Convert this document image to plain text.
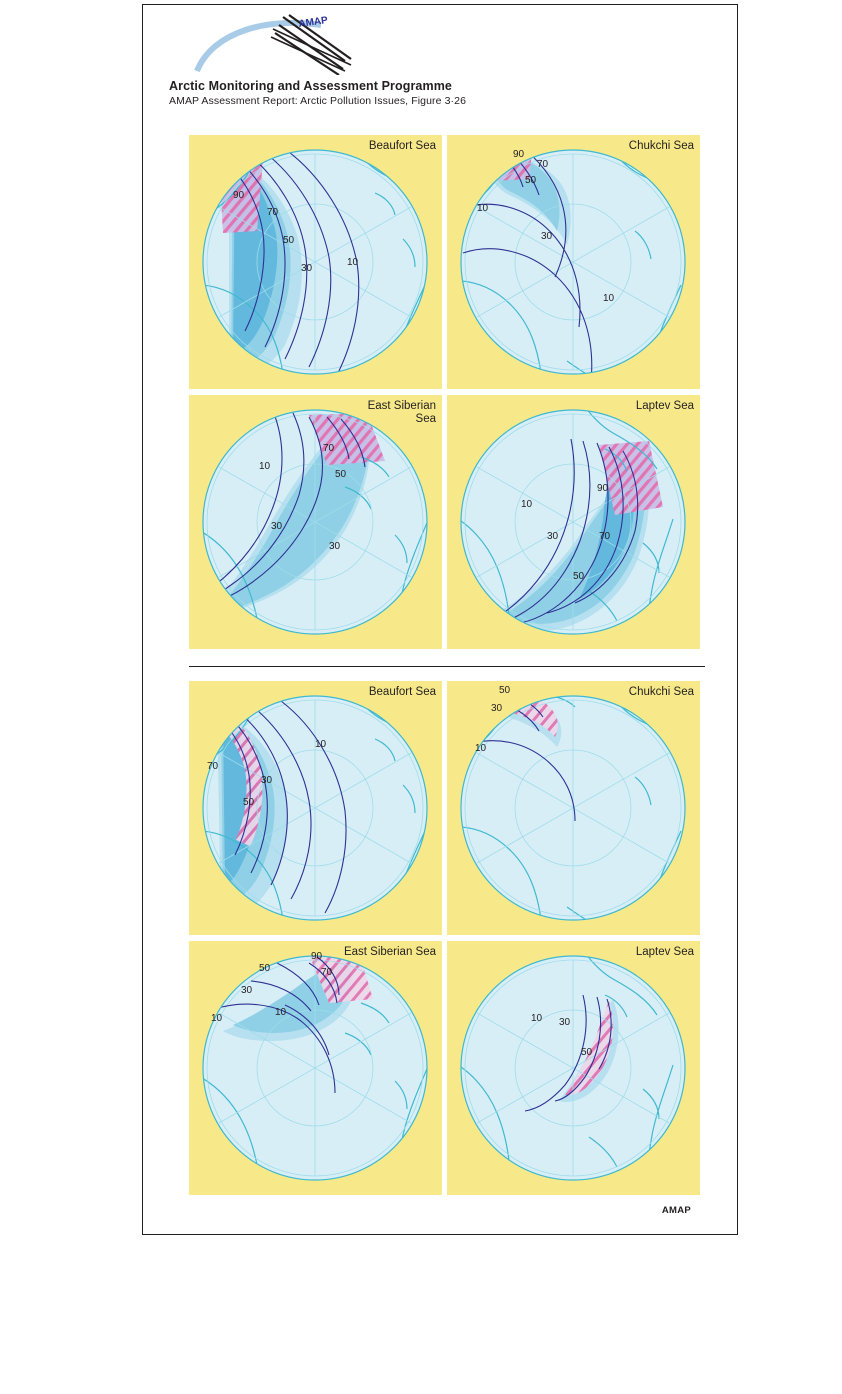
AMAP
Arctic Monitoring and Assessment Programme
AMAP Assessment Report: Arctic Pollution Issues, Figure 3·26
Beaufort Sea
90
70
50
30
10
Chukchi Sea
90
70
50
10
30
10
East Siberian
Sea
70
50
10
30
30
Laptev Sea
90
10
30	70
50
Beaufort Sea
70
50
30
10
Chukchi Sea
50
30
10
East Siberian Sea
90
70
50
30
10
10
Laptev Sea
10 30
50
AMAP
